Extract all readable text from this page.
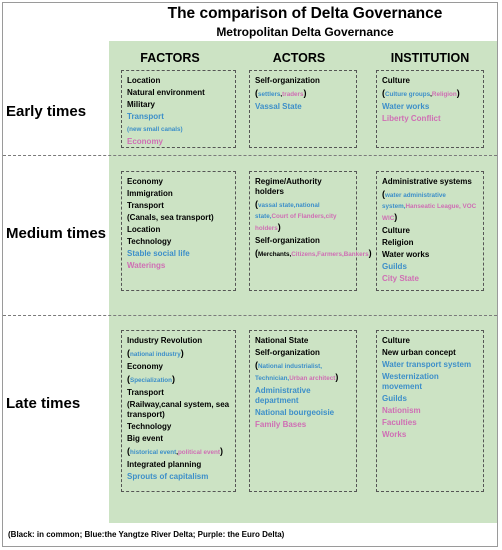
The comparison of Delta Governance
Metropolitan Delta Governance
FACTORS	ACTORS	INSTITUTION
Early times
Medium times
Late times
Location
Natural environment
Military
Transport
(new small canals)
Economy
Self-organization
(settlers,traders)
Vassal State
Culture
(Culture groups,Religion)
Water works
Liberty Conflict
Economy
Immigration
Transport
(Canals, sea transport)
Location
Technology
Stable social life
Waterings
Regime/Authority holders
(vassal state,national state,Court of Flanders,city holders)
Self-organization
(Merchants,Citizens,Farmers,Bankers)
Administrative systems
(water administrative system,Hanseatic League, VOC WIC)
Culture
Religion
Water works
Guilds
City State
Industry Revolution
(national industry)
Economy
(Specialization)
Transport
(Railway,canal system, sea transport)
Technology
Big event
(historical event,political event)
Integrated planning
Sprouts of capitalism
National State
Self-organization
(National industrialist, Technician,Urban architect)
Administrative department
National bourgeoisie
Family Bases
Culture
New urban concept
Water transport system
Westernization movement
Guilds
Nationism
Faculties
Works
(Black: in common; Blue:the Yangtze River Delta; Purple: the Euro Delta)
